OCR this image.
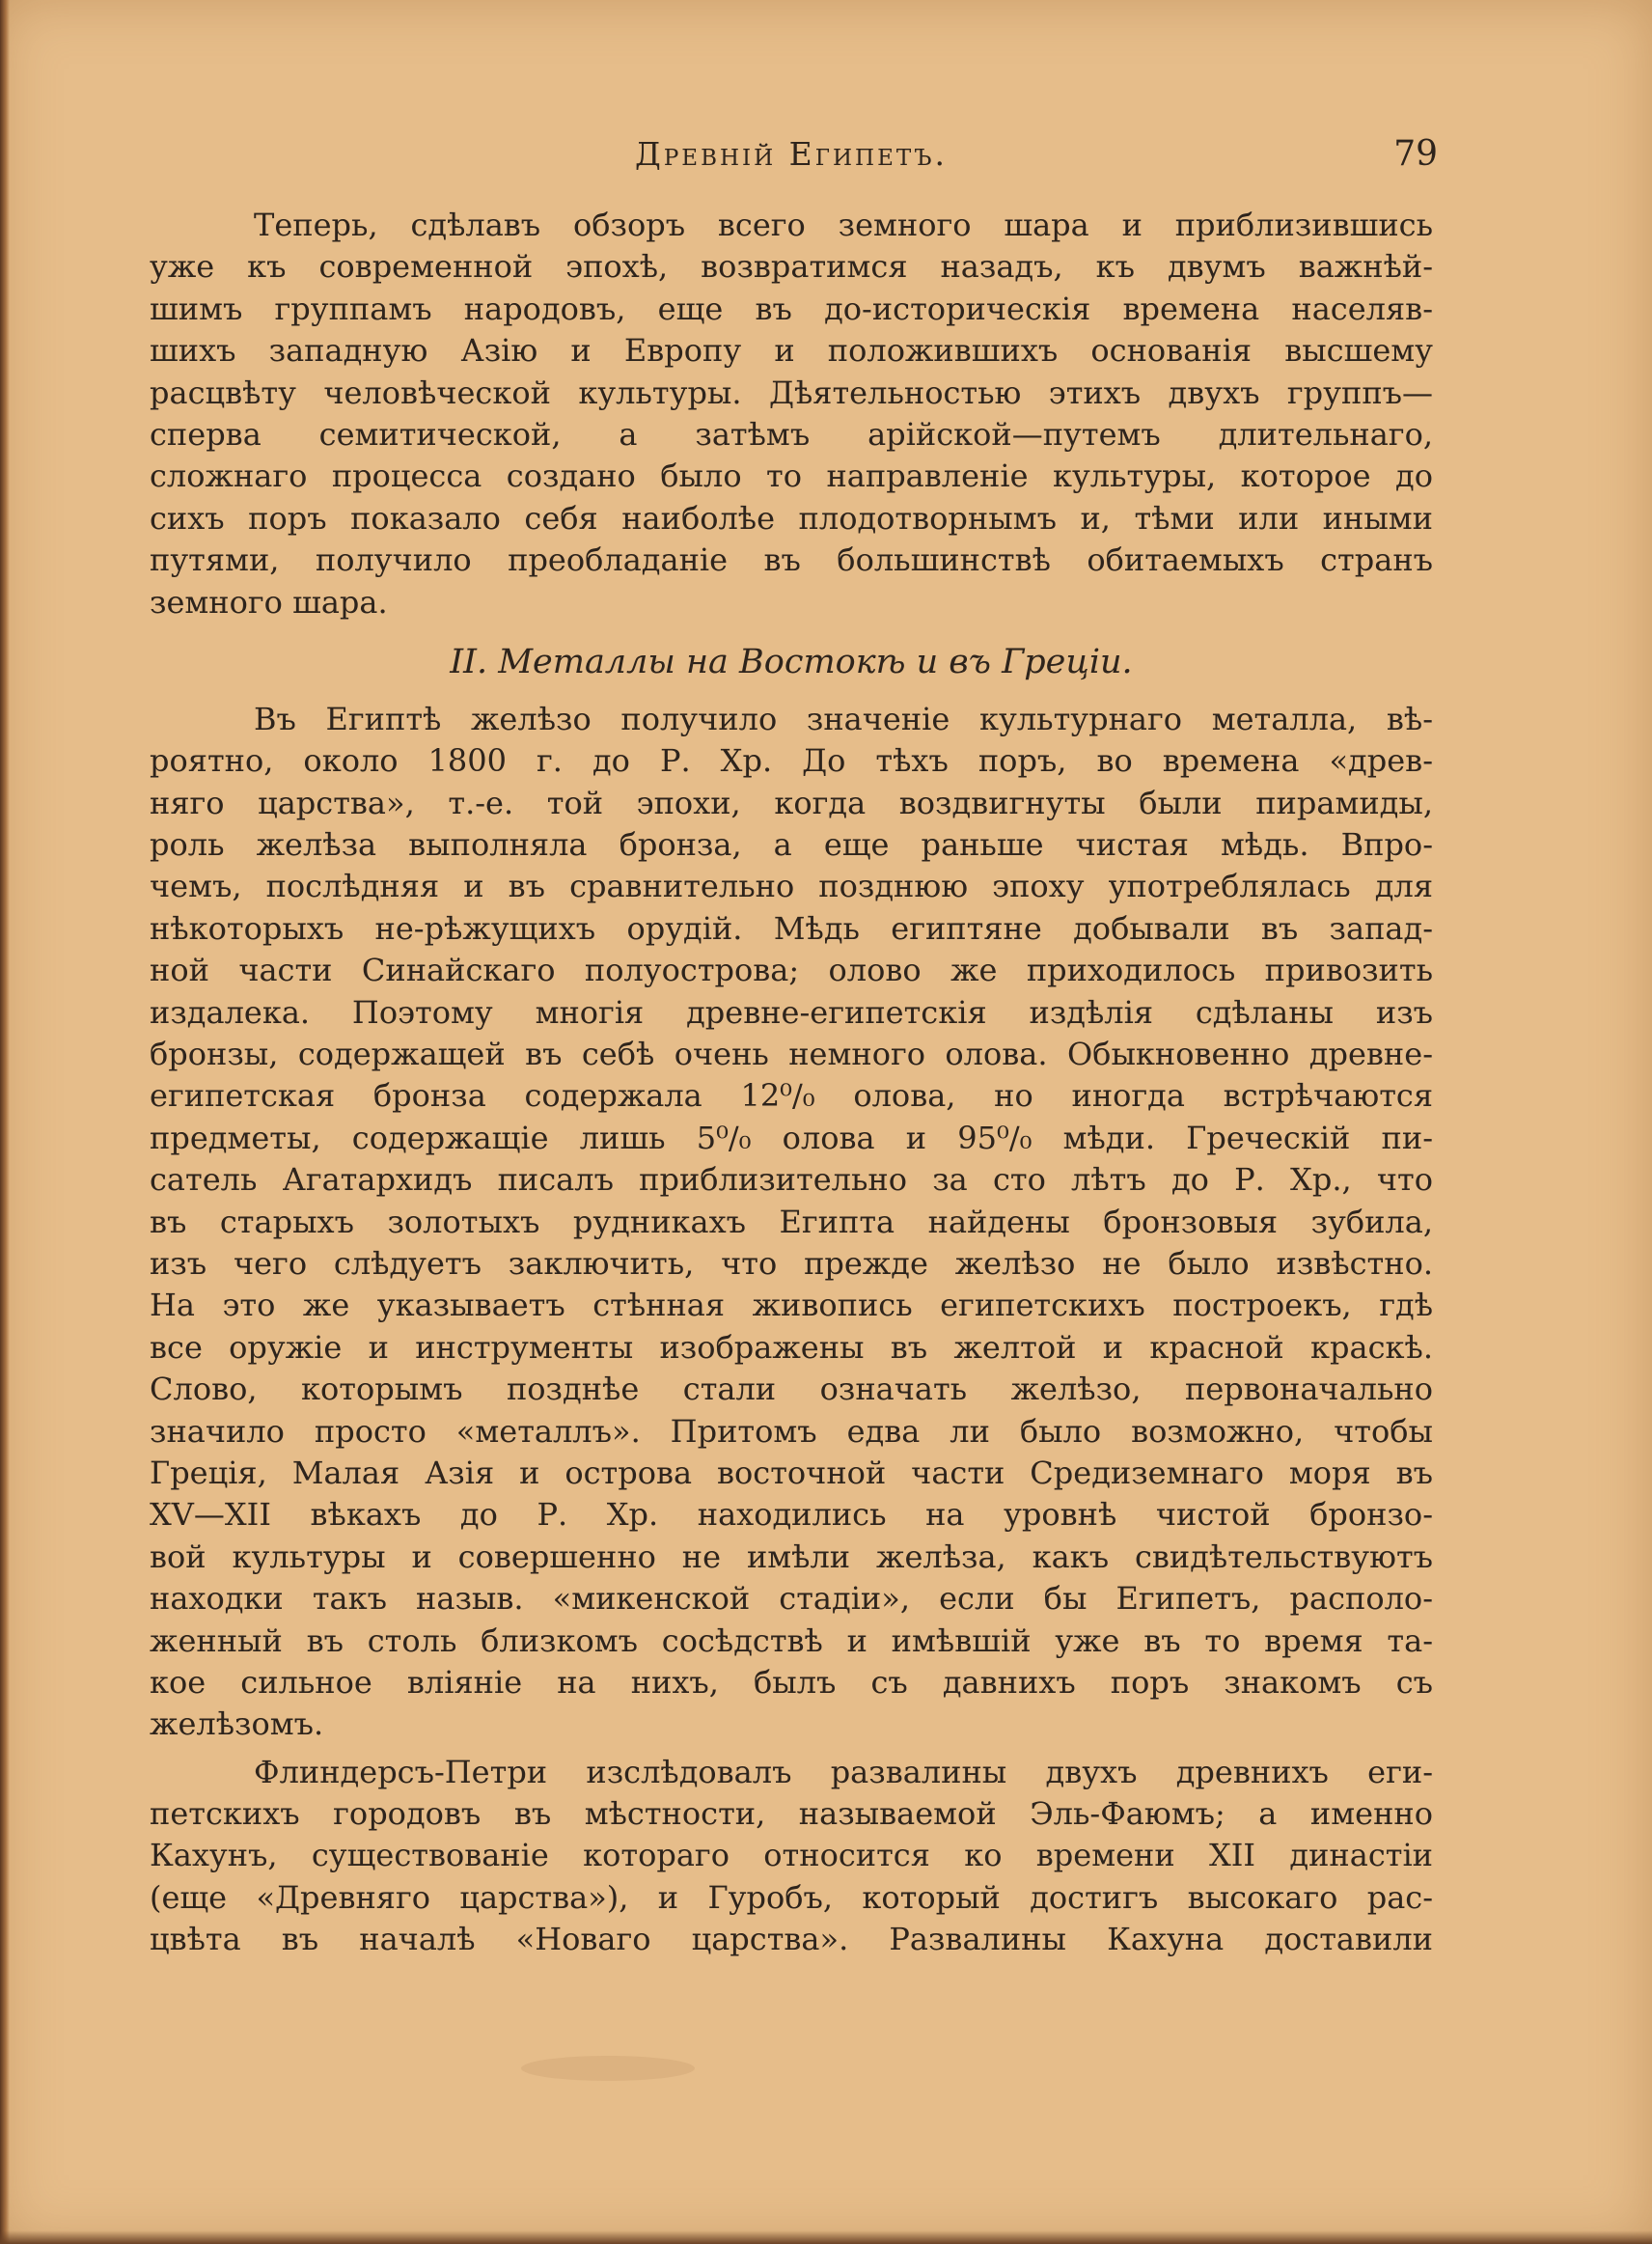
Древній Египетъ.	79
Теперь, сдѣлавъ обзоръ всего земного шара и приблизившись
уже къ современной эпохѣ, возвратимся назадъ, къ двумъ важнѣй-
шимъ группамъ народовъ, еще въ до-историческія времена населяв-
шихъ западную Азію и Европу и положившихъ основанія высшему
расцвѣту человѣческой культуры. Дѣятельностью этихъ двухъ группъ—
сперва семитической, а затѣмъ арійской—путемъ длительнаго,
сложнаго процесса создано было то направленіе культуры, которое до
сихъ поръ показало себя наиболѣе плодотворнымъ и, тѣми или иными
путями, получило преобладаніе въ большинствѣ обитаемыхъ странъ
земного шара.
II. Металлы на Востокѣ и въ Греціи.
Въ Египтѣ желѣзо получило значеніе культурнаго металла, вѣ-
роятно, около 1800 г. до Р. Хр. До тѣхъ поръ, во времена «древ-
няго царства», т.-е. той эпохи, когда воздвигнуты были пирамиды,
роль желѣза выполняла бронза, а еще раньше чистая мѣдь. Впро-
чемъ, послѣдняя и въ сравнительно позднюю эпоху употреблялась для
нѣкоторыхъ не-рѣжущихъ орудій. Мѣдь египтяне добывали въ запад-
ной части Синайскаго полуострова; олово же приходилось привозить
издалека. Поэтому многія древне-египетскія издѣлія сдѣланы изъ
бронзы, содержащей въ себѣ очень немного олова. Обыкновенно древне-
египетская бронза содержала 12⁰/₀ олова, но иногда встрѣчаются
предметы, содержащіе лишь 5⁰/₀ олова и 95⁰/₀ мѣди. Греческій пи-
сатель Агатархидъ писалъ приблизительно за сто лѣтъ до Р. Хр., что
въ старыхъ золотыхъ рудникахъ Египта найдены бронзовыя зубила,
изъ чего слѣдуетъ заключить, что прежде желѣзо не было извѣстно.
На это же указываетъ стѣнная живопись египетскихъ построекъ, гдѣ
все оружіе и инструменты изображены въ желтой и красной краскѣ.
Слово, которымъ позднѣе стали означать желѣзо, первоначально
значило просто «металлъ». Притомъ едва ли было возможно, чтобы
Греція, Малая Азія и острова восточной части Средиземнаго моря въ
XV—XII вѣкахъ до Р. Хр. находились на уровнѣ чистой бронзо-
вой культуры и совершенно не имѣли желѣза, какъ свидѣтельствуютъ
находки такъ назыв. «микенской стадіи», если бы Египетъ, располо-
женный въ столь близкомъ сосѣдствѣ и имѣвшій уже въ то время та-
кое сильное вліяніе на нихъ, былъ съ давнихъ поръ знакомъ съ
желѣзомъ.
Флиндерсъ-Петри изслѣдовалъ развалины двухъ древнихъ еги-
петскихъ городовъ въ мѣстности, называемой Эль-Фаюмъ; а именно
Кахунъ, существованіе котораго относится ко времени XII династіи
(еще «Древняго царства»), и Гуробъ, который достигъ высокаго рас-
цвѣта въ началѣ «Новаго царства». Развалины Кахуна доставили
